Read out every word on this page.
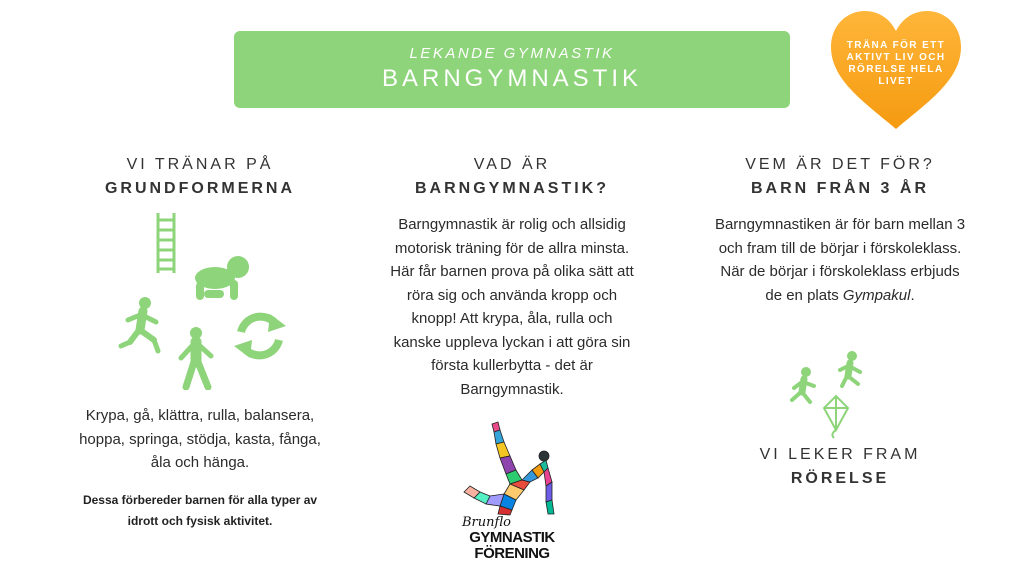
LEKANDE GYMNASTIK
BARNGYMNASTIK
TRÄNA FÖR ETT
AKTIVT LIV OCH
RÖRELSE HELA
LIVET
VI TRÄNAR PÅ
GRUNDFORMERNA
Krypa, gå, klättra, rulla, balansera,
hoppa, springa, stödja, kasta, fånga,
åla och hänga.
Dessa förbereder barnen för alla typer av
idrott och fysisk aktivitet.
VAD ÄR
BARNGYMNASTIK?
Barngymnastik är rolig och allsidig
motorisk träning för de allra minsta.
Här får barnen prova på olika sätt att
röra sig och använda kropp och
knopp! Att krypa, åla, rulla och
kanske uppleva lyckan i att göra sin
första kullerbytta - det är
Barngymnastik.
Brunflo
GYMNASTIK
FÖRENING
VEM ÄR DET FÖR?
BARN FRÅN 3 ÅR
Barngymnastiken är för barn mellan 3
och fram till de börjar i förskoleklass.
När de börjar i förskoleklass erbjuds
de en plats Gympakul.
VI LEKER FRAM
RÖRELSE
